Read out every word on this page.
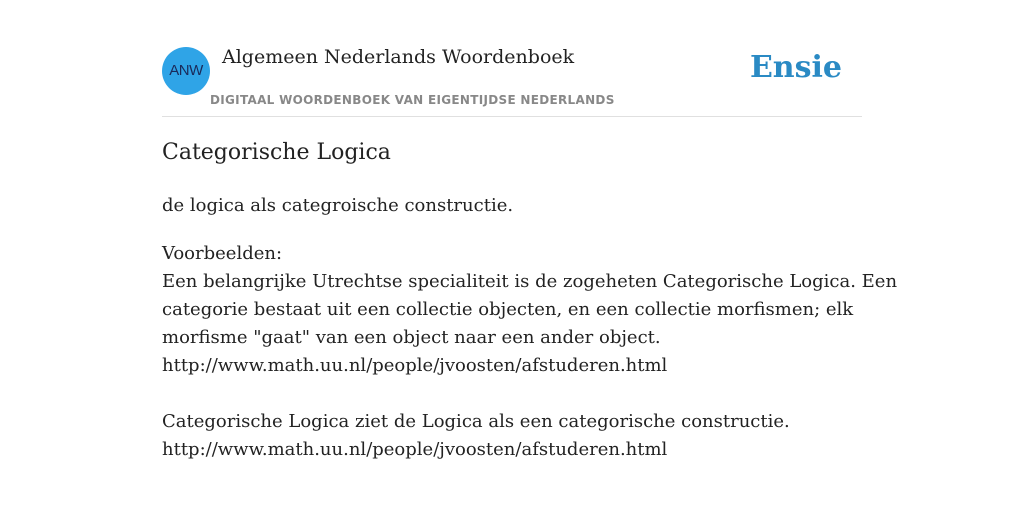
ANW
Algemeen Nederlands Woordenboek
DIGITAAL WOORDENBOEK VAN EIGENTIJDSE NEDERLANDS
Ensie
Categorische Logica
de logica als categroische constructie.
Voorbeelden:
Een belangrijke Utrechtse specialiteit is de zogeheten Categorische Logica. Een
categorie bestaat uit een collectie objecten, en een collectie morfismen; elk
morfisme "gaat" van een object naar een ander object.
http://www.math.uu.nl/people/jvoosten/afstuderen.html
Categorische Logica ziet de Logica als een categorische constructie.
http://www.math.uu.nl/people/jvoosten/afstuderen.html
